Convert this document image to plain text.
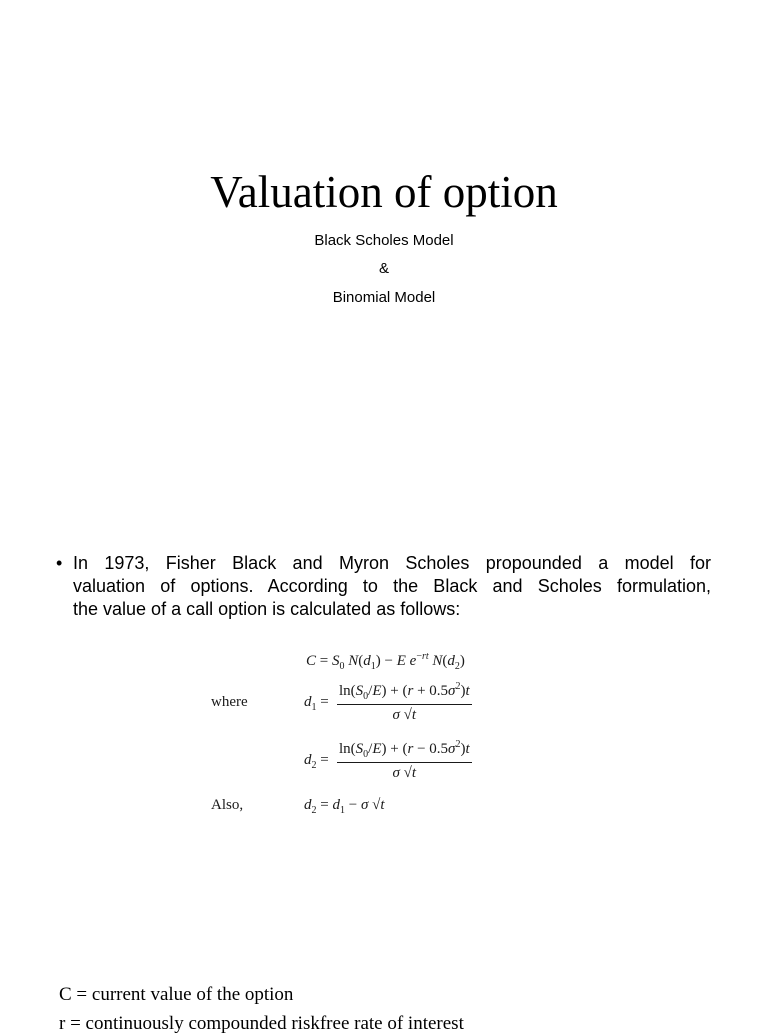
Valuation of option
Black Scholes Model
&
Binomial Model
• In 1973, Fisher Black and Myron Scholes propounded a model for
valuation of options. According to the Black and Scholes formulation,
the value of a call option is calculated as follows:
$C = S_0$ $N(d_1) - E$ $e^{-rt}$ $N(d_2)$
where	$d_1 = \frac{\ln(S_0/E) + (r + 0.5\sigma^2)t}{\sigma √t}$
$d_2 = \frac{\ln(S_0/E) + (r - 0.5\sigma^2)t}{\sigma √t}$
Also,	$d_2 = d_1 - \sigma$ √t
C = current value of the option
r = continuously compounded riskfree rate of interest
